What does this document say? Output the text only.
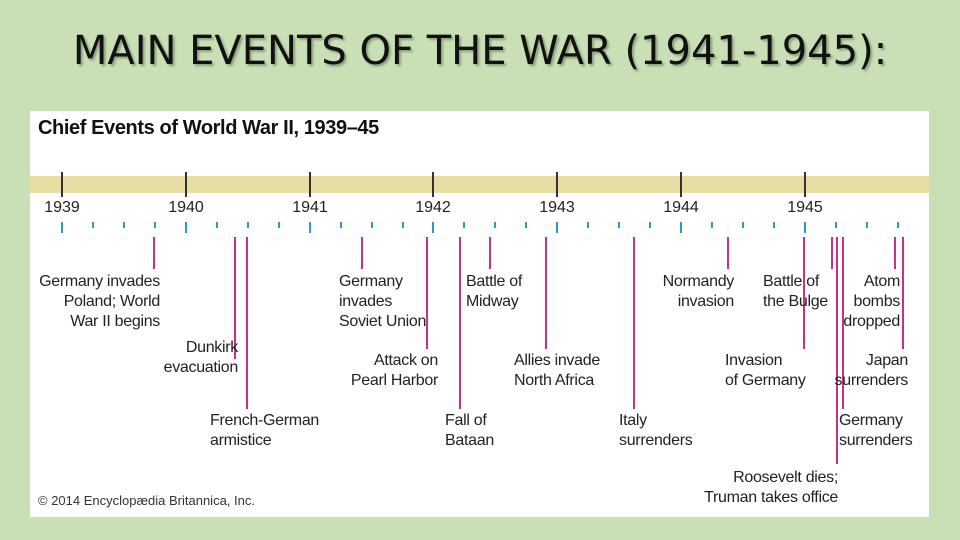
MAIN EVENTS OF THE WAR (1941-1945):
Chief Events of World War II, 1939–45
1939	1940	1941	1942	1943	1944	1945
Germany invades
Poland; World
War II begins
Dunkirk
evacuation
French-German
armistice
Germany
invades
Soviet Union
Attack on
Pearl Harbor
Fall of
Bataan
Battle of
Midway
Allies invade
North Africa
Italy
surrenders
Normandy
invasion
Invasion
of Germany
Battle of
the Bulge
Roosevelt dies;
Truman takes office
Germany
surrenders
Atom
bombs
dropped
Japan
surrenders
© 2014 Encyclopædia Britannica, Inc.
